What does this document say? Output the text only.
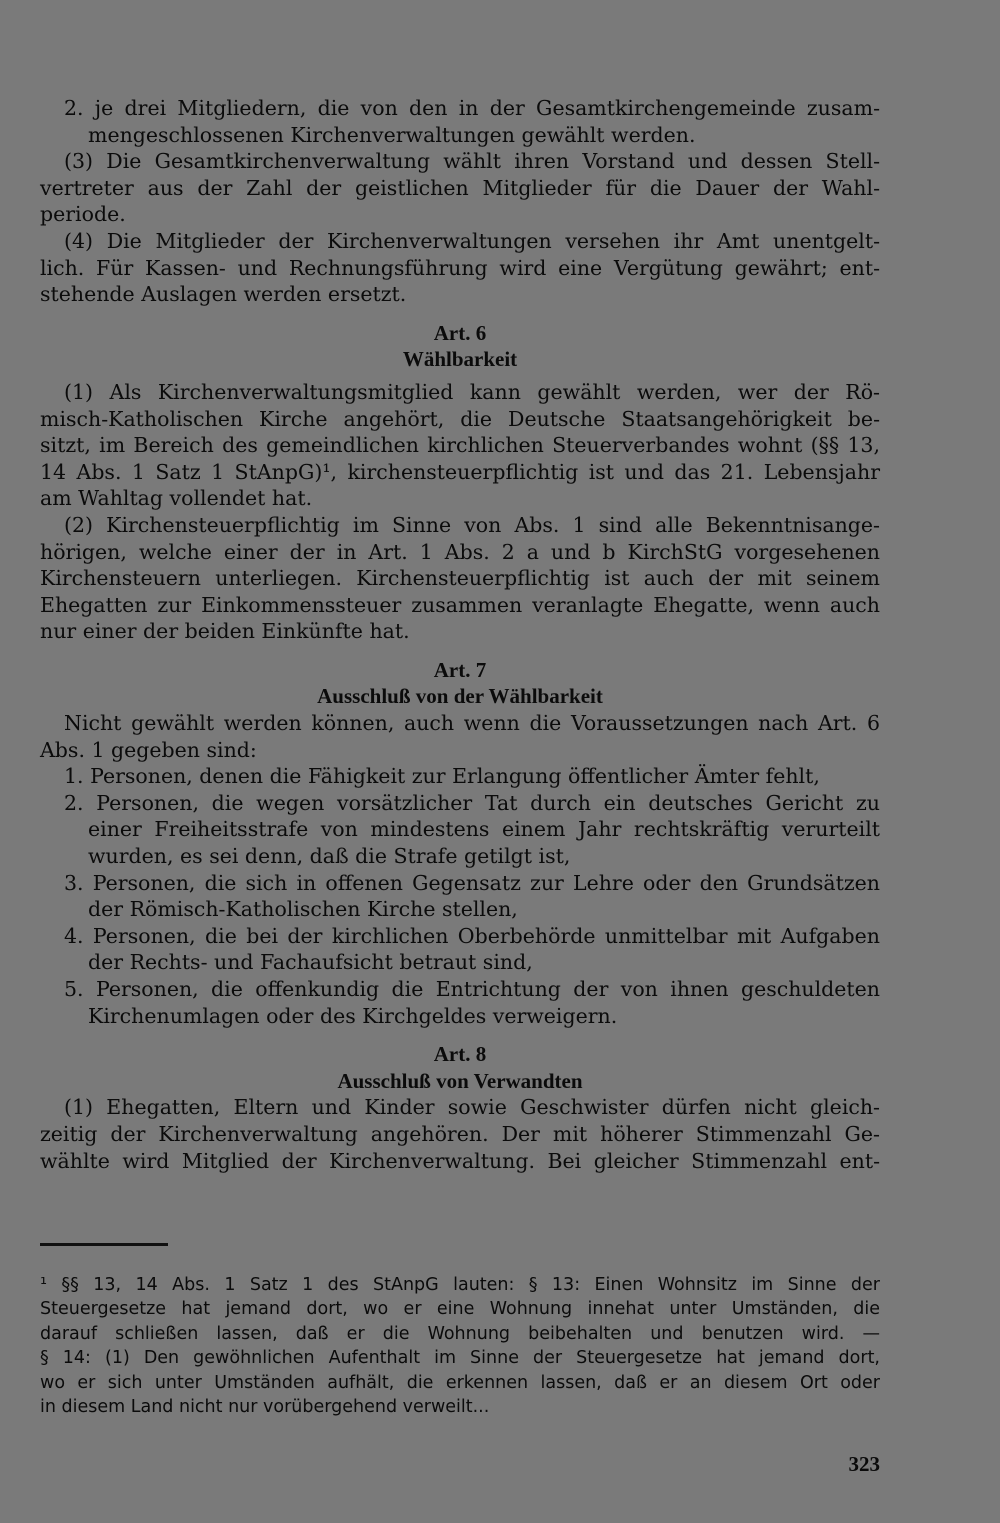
2. je drei Mitgliedern, die von den in der Gesamtkirchengemeinde zusam-
mengeschlossenen Kirchenverwaltungen gewählt werden.
(3) Die Gesamtkirchenverwaltung wählt ihren Vorstand und dessen Stell-
vertreter aus der Zahl der geistlichen Mitglieder für die Dauer der Wahl-
periode.
(4) Die Mitglieder der Kirchenverwaltungen versehen ihr Amt unentgelt-
lich. Für Kassen- und Rechnungsführung wird eine Vergütung gewährt; ent-
stehende Auslagen werden ersetzt.
Art. 6
Wählbarkeit
(1) Als Kirchenverwaltungsmitglied kann gewählt werden, wer der Rö-
misch-Katholischen Kirche angehört, die Deutsche Staatsangehörigkeit be-
sitzt, im Bereich des gemeindlichen kirchlichen Steuerverbandes wohnt (§§ 13,
14 Abs. 1 Satz 1 StAnpG)¹, kirchensteuerpflichtig ist und das 21. Lebensjahr
am Wahltag vollendet hat.
(2) Kirchensteuerpflichtig im Sinne von Abs. 1 sind alle Bekenntnisange-
hörigen, welche einer der in Art. 1 Abs. 2 a und b KirchStG vorgesehenen
Kirchensteuern unterliegen. Kirchensteuerpflichtig ist auch der mit seinem
Ehegatten zur Einkommenssteuer zusammen veranlagte Ehegatte, wenn auch
nur einer der beiden Einkünfte hat.
Art. 7
Ausschluß von der Wählbarkeit
Nicht gewählt werden können, auch wenn die Voraussetzungen nach Art. 6
Abs. 1 gegeben sind:
1. Personen, denen die Fähigkeit zur Erlangung öffentlicher Ämter fehlt,
2. Personen, die wegen vorsätzlicher Tat durch ein deutsches Gericht zu
einer Freiheitsstrafe von mindestens einem Jahr rechtskräftig verurteilt
wurden, es sei denn, daß die Strafe getilgt ist,
3. Personen, die sich in offenen Gegensatz zur Lehre oder den Grundsätzen
der Römisch-Katholischen Kirche stellen,
4. Personen, die bei der kirchlichen Oberbehörde unmittelbar mit Aufgaben
der Rechts- und Fachaufsicht betraut sind,
5. Personen, die offenkundig die Entrichtung der von ihnen geschuldeten
Kirchenumlagen oder des Kirchgeldes verweigern.
Art. 8
Ausschluß von Verwandten
(1) Ehegatten, Eltern und Kinder sowie Geschwister dürfen nicht gleich-
zeitig der Kirchenverwaltung angehören. Der mit höherer Stimmenzahl Ge-
wählte wird Mitglied der Kirchenverwaltung. Bei gleicher Stimmenzahl ent-
¹ §§ 13, 14 Abs. 1 Satz 1 des StAnpG lauten: § 13: Einen Wohnsitz im Sinne der
Steuergesetze hat jemand dort, wo er eine Wohnung innehat unter Umständen, die
darauf schließen lassen, daß er die Wohnung beibehalten und benutzen wird. —
§ 14: (1) Den gewöhnlichen Aufenthalt im Sinne der Steuergesetze hat jemand dort,
wo er sich unter Umständen aufhält, die erkennen lassen, daß er an diesem Ort oder
in diesem Land nicht nur vorübergehend verweilt...
323
